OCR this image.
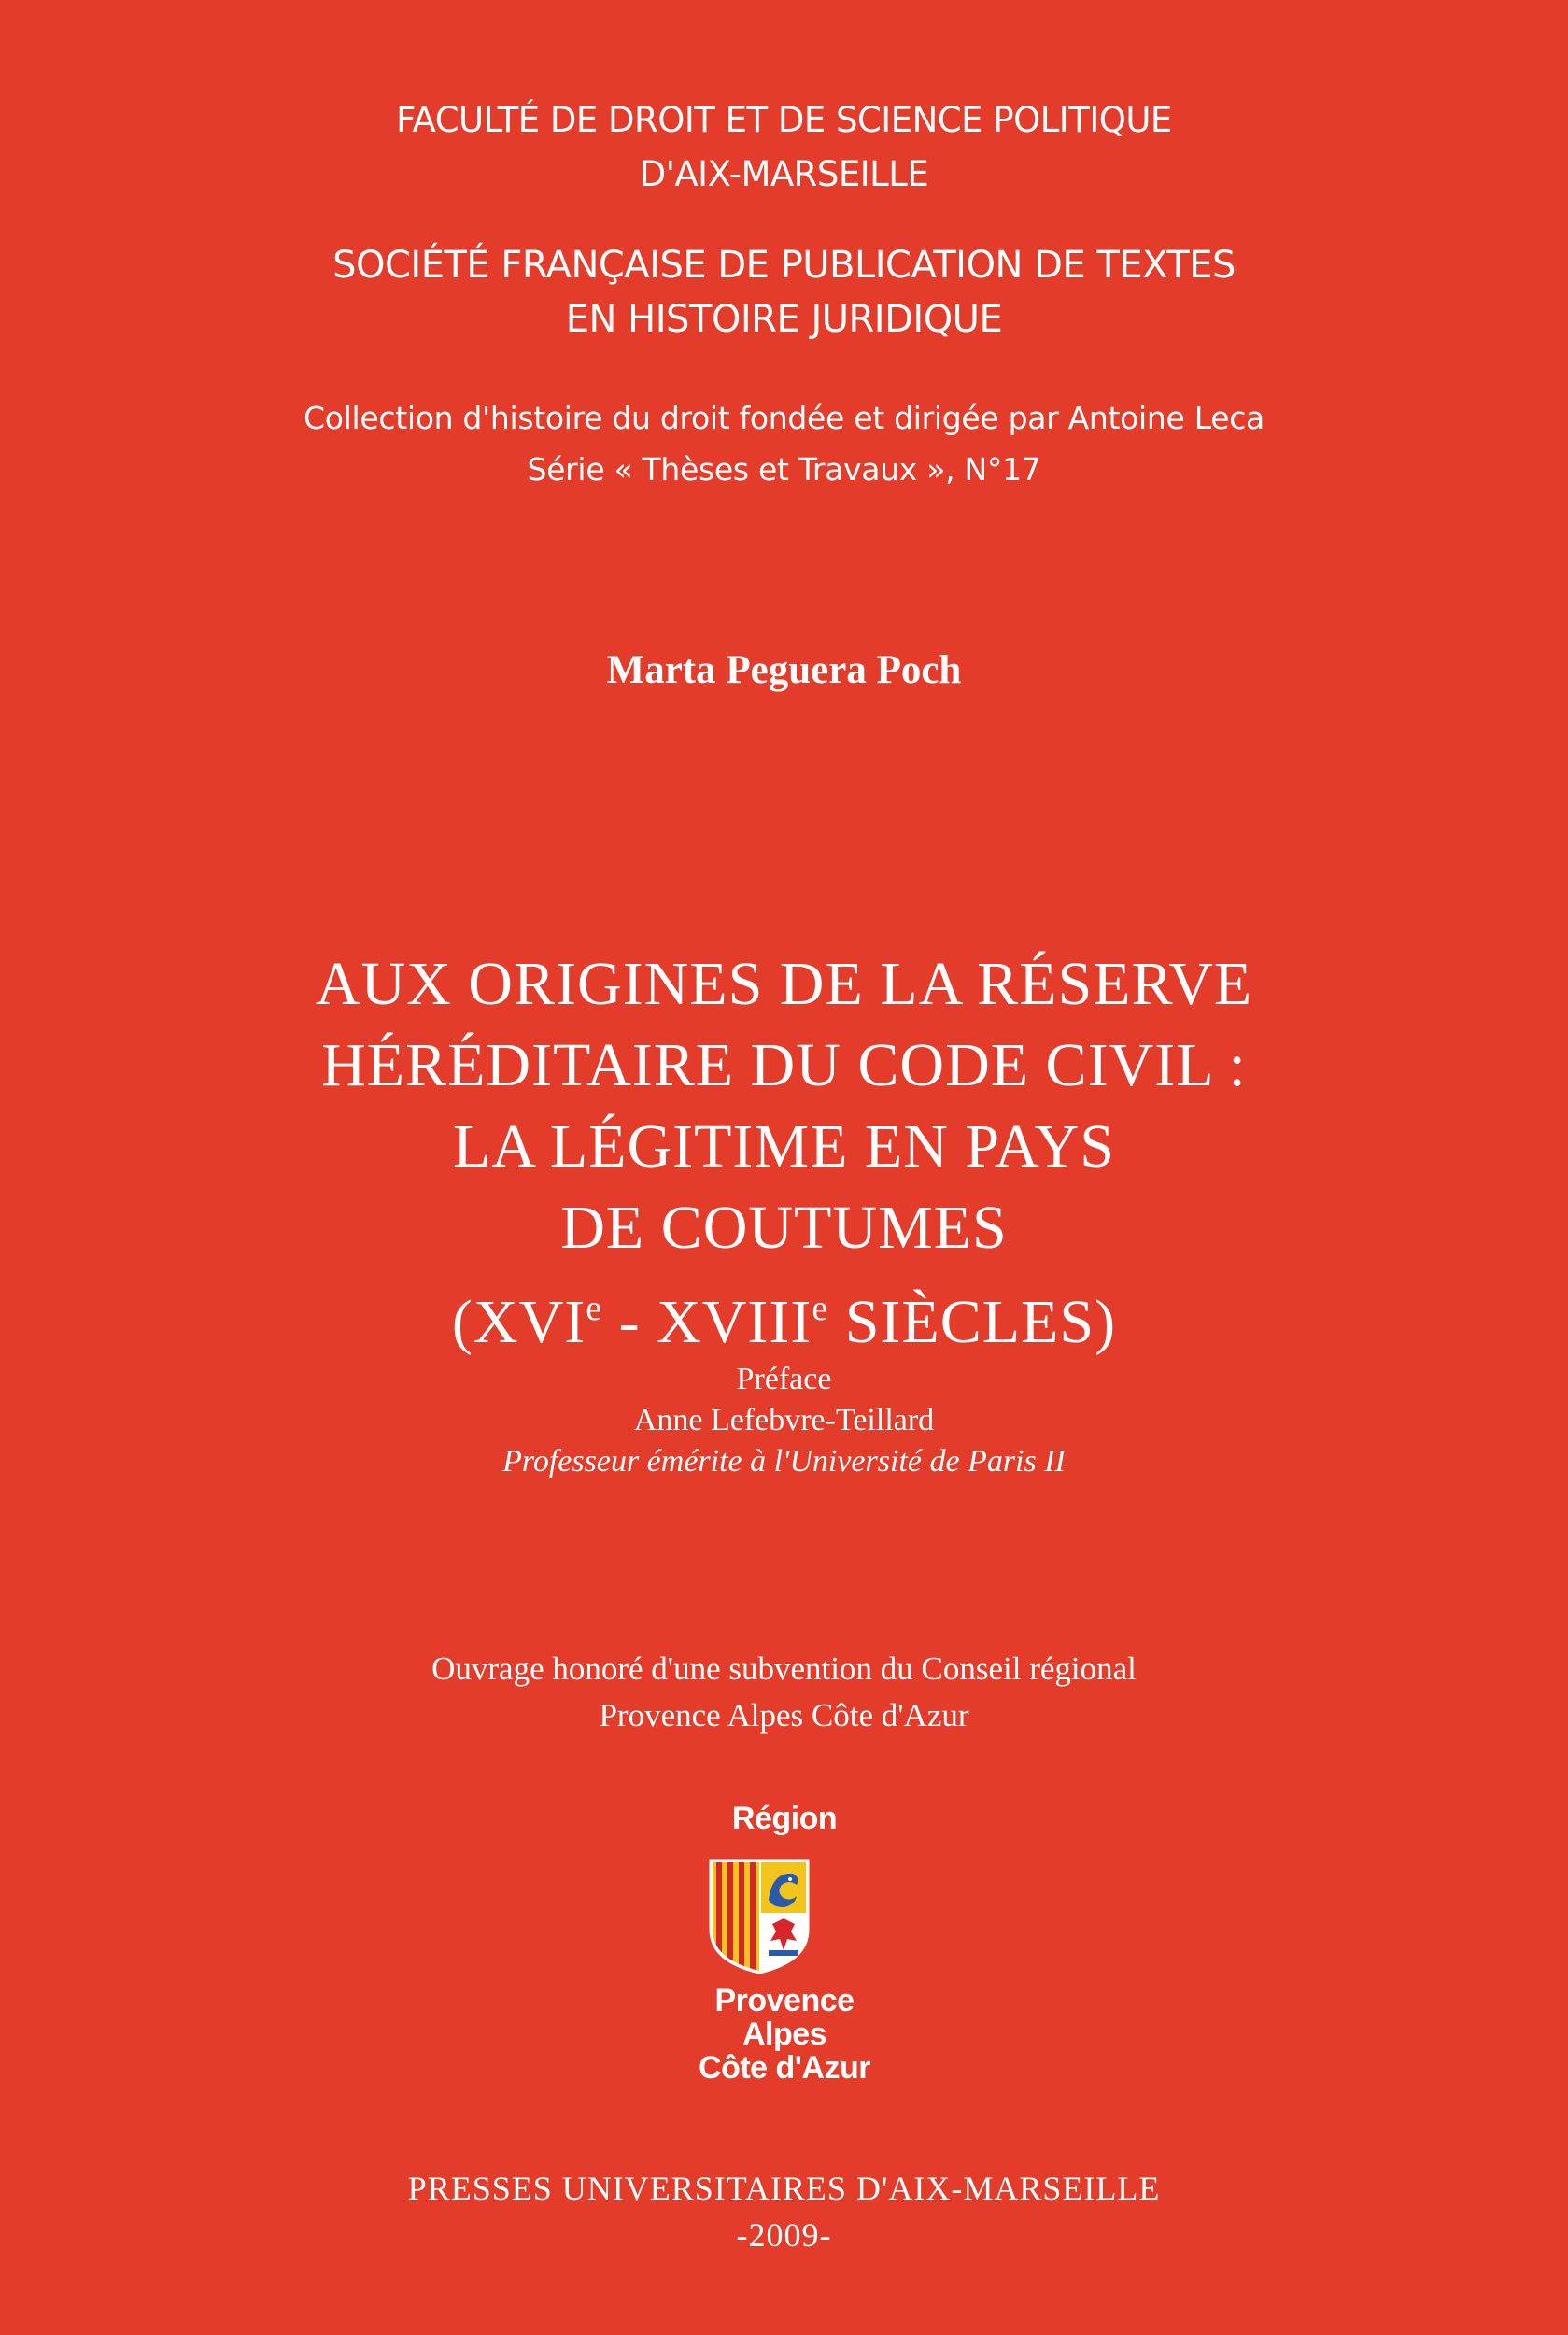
FACULTÉ DE DROIT ET DE SCIENCE POLITIQUE
D'AIX-MARSEILLE
SOCIÉTÉ FRANÇAISE DE PUBLICATION DE TEXTES
EN HISTOIRE JURIDIQUE
Collection d'histoire du droit fondée et dirigée par Antoine Leca
Série « Thèses et Travaux », N°17
Marta Peguera Poch
AUX ORIGINES DE LA RÉSERVE
HÉRÉDITAIRE DU CODE CIVIL :
LA LÉGITIME EN PAYS
DE COUTUMES
(XVIe - XVIIIe SIÈCLES)
Préface
Anne Lefebvre-Teillard
Professeur émérite à l'Université de Paris II
Ouvrage honoré d'une subvention du Conseil régional
Provence Alpes Côte d'Azur
Région
Provence
Alpes
Côte d'Azur
PRESSES UNIVERSITAIRES D'AIX-MARSEILLE
-2009-
